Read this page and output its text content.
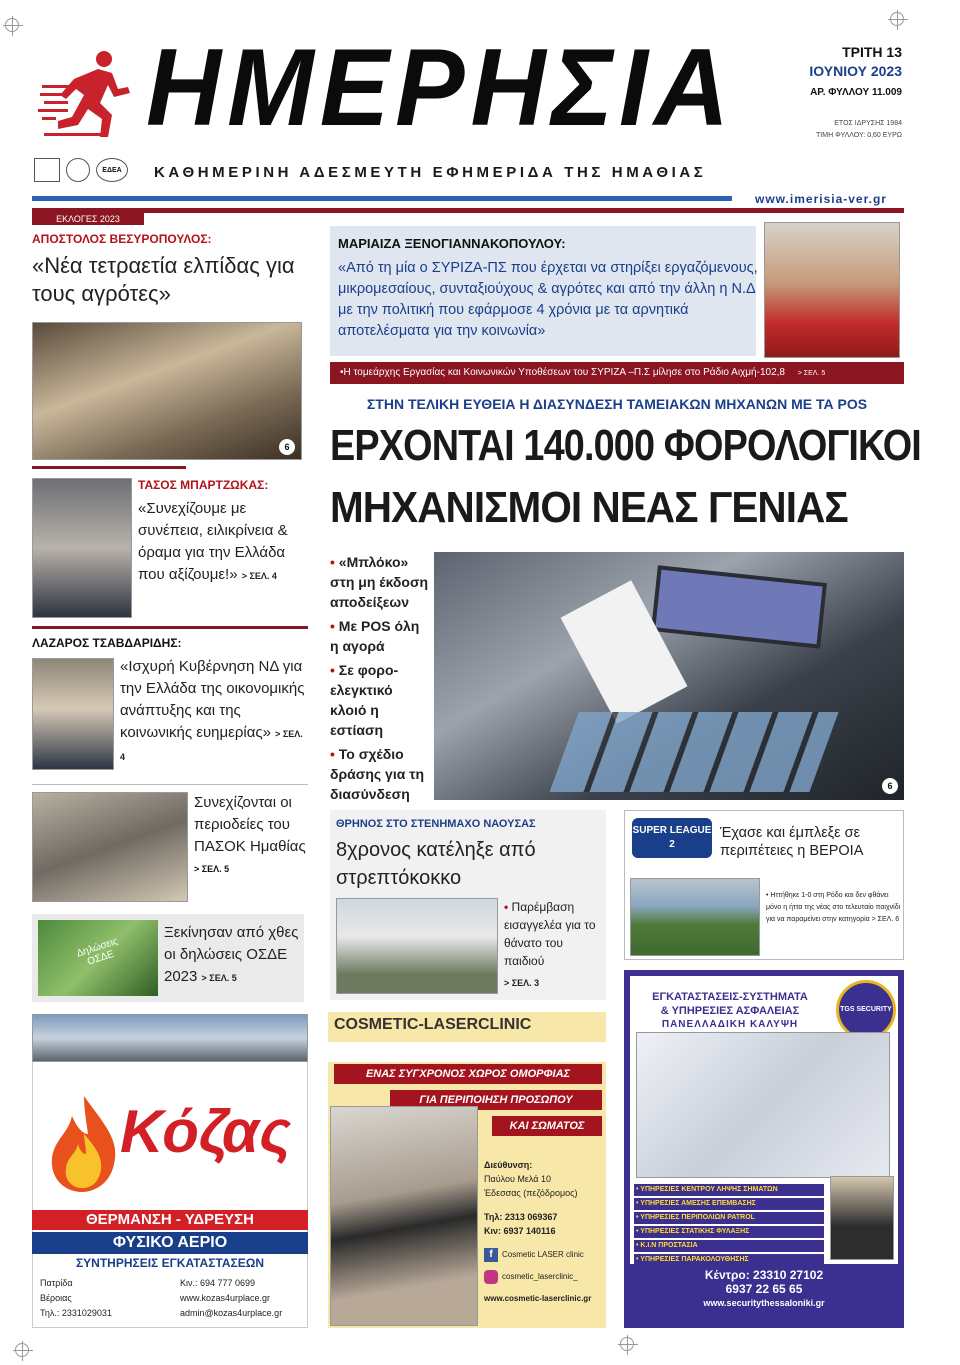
ΗΜΕΡΗΣΙΑ	ΤΡΙΤΗ 13
ΙΟΥΝΙΟΥ 2023
ΑΡ. ΦΥΛΛΟΥ 11.009
ΕΤΟΣ ΙΔΡΥΣΗΣ 1984
ΤΙΜΗ ΦΥΛΛΟΥ: 0,60 ΕΥΡΩ
ΕΔΕΑ	ΚΑΘΗΜΕΡΙΝΗ ΑΔΕΣΜΕΥΤΗ ΕΦΗΜΕΡΙΔΑ ΤΗΣ ΗΜΑΘΙΑΣ
www.imerisia-ver.gr
ΕΚΛΟΓΕΣ 2023
ΑΠΟΣΤΟΛΟΣ ΒΕΣΥΡΟΠΟΥΛΟΣ:
«Νέα τετραετία ελπίδας για τους αγρότες»
6
ΤΑΣΟΣ ΜΠΑΡΤΖΩΚΑΣ:
«Συνεχίζουμε με συνέπεια, ειλικρίνεια & όραμα για την Ελλάδα που αξίζουμε!» > ΣΕΛ. 4
ΛΑΖΑΡΟΣ ΤΣΑΒΔΑΡΙΔΗΣ:
«Ισχυρή Κυβέρνηση ΝΔ για την Ελλάδα της οικονομικής ανάπτυξης και της κοινωνικής ευημερίας» > ΣΕΛ. 4
Συνεχίζονται οι περιοδείες του ΠΑΣΟΚ Ημαθίας
> ΣΕΛ. 5
Δηλώσεις ΟΣΔΕ
Ξεκίνησαν από χθες οι δηλώσεις ΟΣΔΕ 2023 > ΣΕΛ. 5
ΜΑΡΙΑΙΖΑ ΞΕΝΟΓΙΑΝΝΑΚΟΠΟΥΛΟΥ:
«Από τη μία ο ΣΥΡΙΖΑ-ΠΣ που έρχεται να στηρίξει εργαζόμενους, μικρομεσαίους, συνταξιούχους & αγρότες και από την άλλη η Ν.Δ με την πολιτική που εφάρμοσε 4 χρόνια με τα αρνητικά αποτελέσματα για την κοινωνία»
•Η τομεάρχης Εργασίας και Κοινωνικών Υποθέσεων του ΣΥΡΙΖΑ –Π.Σ μίλησε στο Ράδιο Αιχμή-102,8 > ΣΕΛ. 5
ΣΤΗΝ ΤΕΛΙΚΗ ΕΥΘΕΙΑ Η ΔΙΑΣΥΝΔΕΣΗ ΤΑΜΕΙΑΚΩΝ ΜΗΧΑΝΩΝ ΜΕ ΤΑ POS
ΕΡΧΟΝΤΑΙ 140.000 ΦΟΡΟΛΟΓΙΚΟΙ
ΜΗΧΑΝΙΣΜΟΙ ΝΕΑΣ ΓΕΝΙΑΣ
• «Μπλόκο» στη μη έκδοση αποδείξεων
• Με POS όλη η αγορά
• Σε φορο-ελεγκτικό κλοιό η εστίαση
• Το σχέδιο δράσης για τη διασύνδεση	6
ΘΡΗΝΟΣ ΣΤΟ ΣΤΕΝΗΜΑΧΟ ΝΑΟΥΣΑΣ
8χρονος κατέληξε από στρεπτόκοκκο
• Παρέμβαση εισαγγελέα για το θάνατο του παιδιού
> ΣΕΛ. 3
SUPER LEAGUE 2
Έχασε και έμπλεξε σε περιπέτειες η ΒΕΡΟΙΑ
• Ηττήθηκε 1-0 στη Ρόδο και δεν φθάνει μόνο η ήττα της νέας στο τελευταίο παιχνίδι για να παραμείνει στην κατηγορία > ΣΕΛ. 6
Κόζας
ΘΕΡΜΑΝΣΗ - ΥΔΡΕΥΣΗ
ΦΥΣΙΚΟ ΑΕΡΙΟ
ΣΥΝΤΗΡΗΣΕΙΣ ΕΓΚΑΤΑΣΤΑΣΕΩΝ
Πατρίδα
Βέροιας
Τηλ.: 2331029031
Κιν.: 694 777 0699
www.kozas4urplace.gr
admin@kozas4urplace.gr
COSMETIC-LASERCLINIC
ΕΝΑΣ ΣΥΓΧΡΟΝΟΣ ΧΩΡΟΣ ΟΜΟΡΦΙΑΣ
ΓΙΑ ΠΕΡΙΠΟΙΗΣΗ ΠΡΟΣΩΠΟΥ
ΚΑΙ ΣΩΜΑΤΟΣ
Διεύθυνση:
Παύλου Μελά 10
Έδεσσας (πεζόδρομος)
Τηλ: 2313 069367
Κιν: 6937 140116
f	Cosmetic LASER clinic
cosmetic_laserclinic_
www.cosmetic-laserclinic.gr
ΕΓΚΑΤΑΣΤΑΣΕΙΣ-ΣΥΣΤΗΜΑΤΑ
& ΥΠΗΡΕΣΙΕΣ ΑΣΦΑΛΕΙΑΣ
ΠΑΝΕΛΛΑΔΙΚΗ ΚΑΛΥΨΗ
TGS SECURITY
• ΥΠΗΡΕΣΙΕΣ ΚΕΝΤΡΟΥ ΛΗΨΗΣ ΣΗΜΑΤΩΝ
• ΥΠΗΡΕΣΙΕΣ ΑΜΕΣΗΣ ΕΠΕΜΒΑΣΗΣ
• ΥΠΗΡΕΣΙΕΣ ΠΕΡΙΠΟΛΙΩΝ PATROL
• ΥΠΗΡΕΣΙΕΣ ΣΤΑΤΙΚΗΣ ΦΥΛΑΞΗΣ
• Κ.Ι.Ν ΠΡΟΣΤΑΣΙΑ
• ΥΠΗΡΕΣΙΕΣ ΠΑΡΑΚΟΛΟΥΘΗΣΗΣ
Κέντρο: 23310 27102
6937 22 65 65
www.securitythessaloniki.gr
